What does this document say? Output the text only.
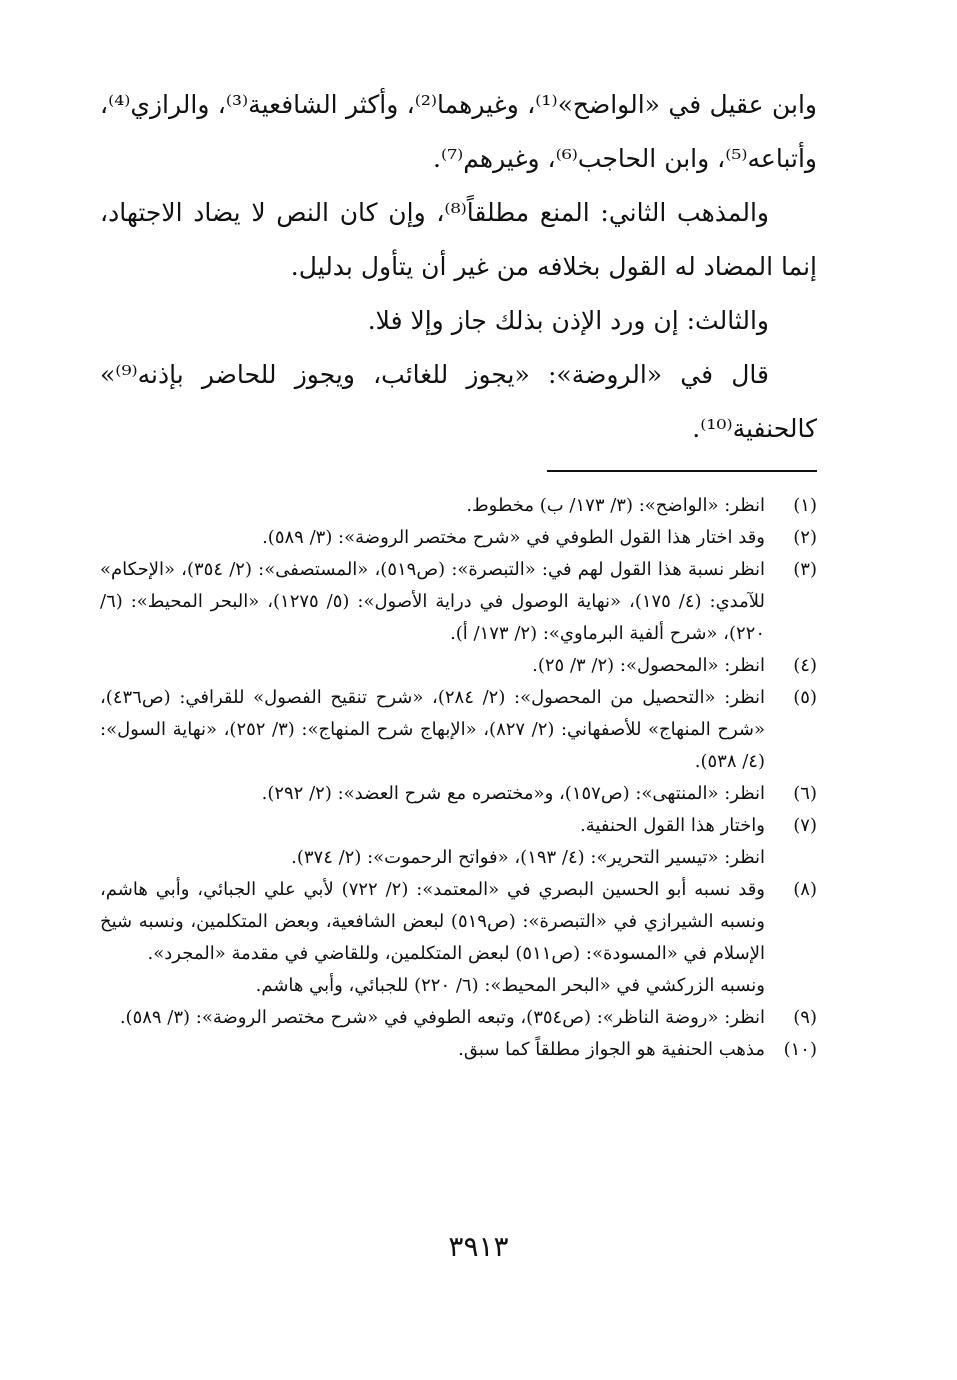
وابن عقيل في «الواضح»⁽¹⁾، وغيرهما⁽²⁾، وأكثر الشافعية⁽³⁾، والرازي⁽⁴⁾، وأتباعه⁽⁵⁾، وابن الحاجب⁽⁶⁾، وغيرهم⁽⁷⁾.

والمذهب الثاني: المنع مطلقاً⁽⁸⁾، وإن كان النص لا يضاد الاجتهاد، إنما المضاد له القول بخلافه من غير أن يتأول بدليل.

والثالث: إن ورد الإذن بذلك جاز وإلا فلا.

قال في «الروضة»: «يجوز للغائب، ويجوز للحاضر بإذنه⁽⁹⁾» كالحنفية⁽¹⁰⁾.

(١)
انظر: «الواضح»: (٣/ ١٧٣/ ب) مخطوط.
(٢)
وقد اختار هذا القول الطوفي في «شرح مختصر الروضة»: (٣/ ٥٨٩).
(٣)
انظر نسبة هذا القول لهم في: «التبصرة»: (ص٥١٩)، «المستصفى»: (٢/ ٣٥٤)، «الإحكام» للآمدي: (٤/ ١٧٥)، «نهاية الوصول في دراية الأصول»: (٥/ ١٢٧٥)، «البحر المحيط»: (٦/ ٢٢٠)، «شرح ألفية البرماوي»: (٢/ ١٧٣/ أ).
(٤)
انظر: «المحصول»: (٢/ ٣/ ٢٥).
(٥)
انظر: «التحصيل من المحصول»: (٢/ ٢٨٤)، «شرح تنقيح الفصول» للقرافي: (ص٤٣٦)، «شرح المنهاج» للأصفهاني: (٢/ ٨٢٧)، «الإبهاج شرح المنهاج»: (٣/ ٢٥٢)، «نهاية السول»: (٤/ ٥٣٨).
(٦)
انظر: «المنتهى»: (ص١٥٧)، و«مختصره مع شرح العضد»: (٢/ ٢٩٢).
(٧)
واختار هذا القول الحنفية.
انظر: «تيسير التحرير»: (٤/ ١٩٣)، «فواتح الرحموت»: (٢/ ٣٧٤).
(٨)
وقد نسبه أبو الحسين البصري في «المعتمد»: (٢/ ٧٢٢) لأبي علي الجبائي، وأبي هاشم، ونسبه الشيرازي في «التبصرة»: (ص٥١٩) لبعض الشافعية، وبعض المتكلمين، ونسبه شيخ الإسلام في «المسودة»: (ص٥١١) لبعض المتكلمين، وللقاضي في مقدمة «المجرد».
ونسبه الزركشي في «البحر المحيط»: (٦/ ٢٢٠) للجبائي، وأبي هاشم.
(٩)
انظر: «روضة الناظر»: (ص٣٥٤)، وتبعه الطوفي في «شرح مختصر الروضة»: (٣/ ٥٨٩).
(١٠)
مذهب الحنفية هو الجواز مطلقاً كما سبق.
٣٩١٣
